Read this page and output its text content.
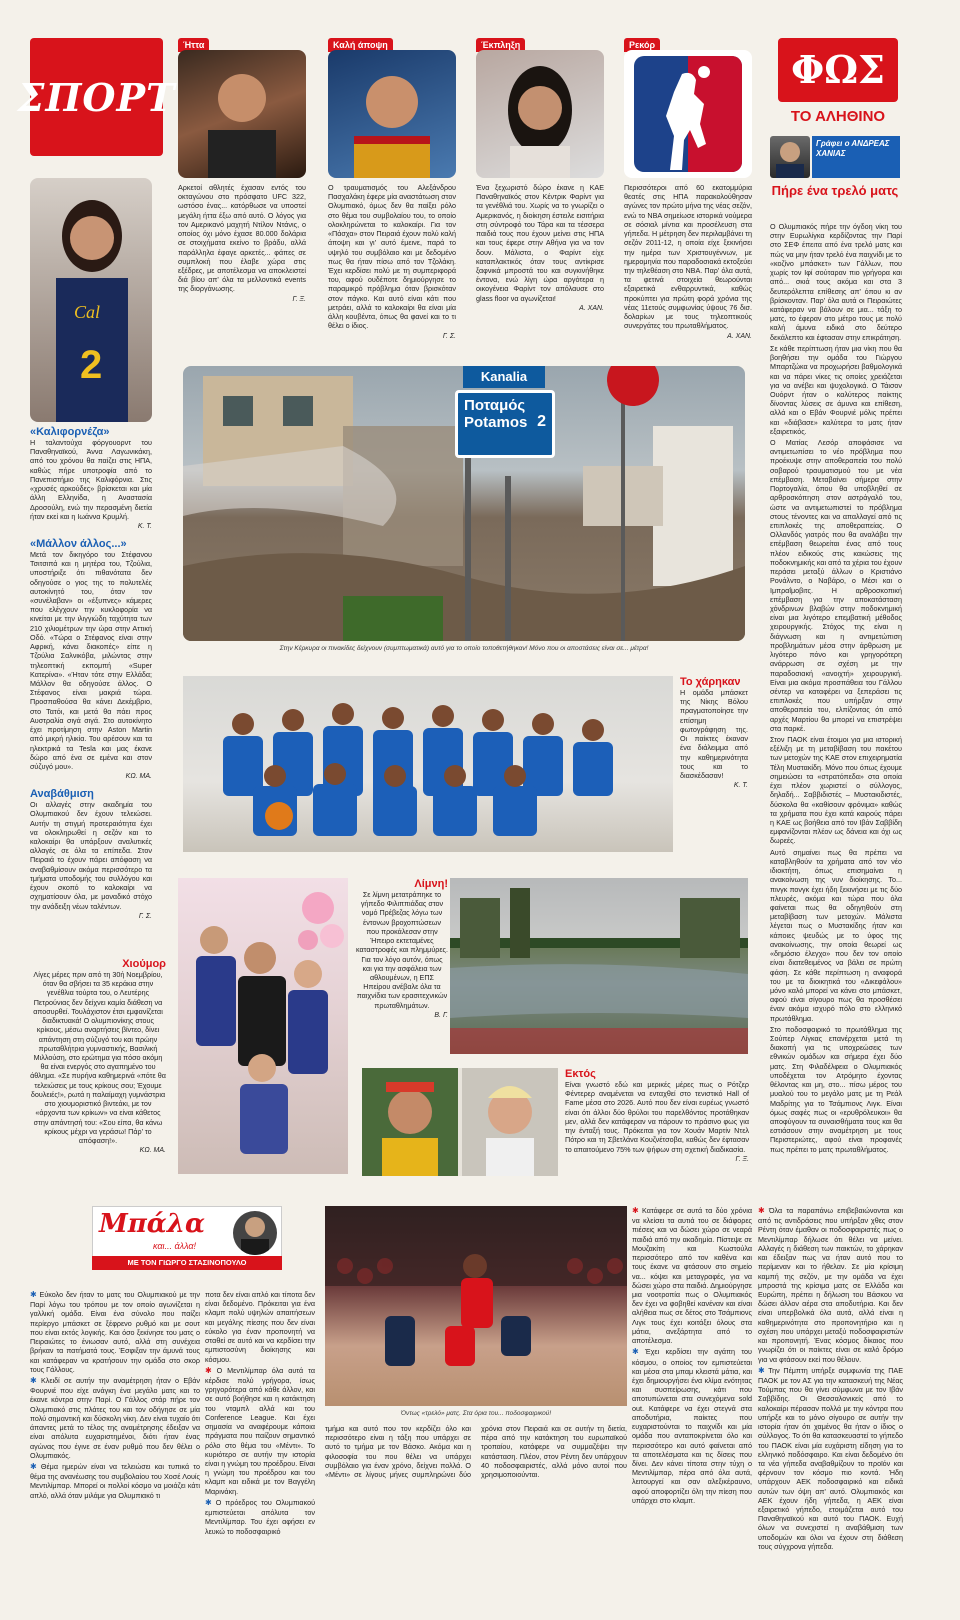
ΣΠΟΡ Τ
Ήττα	Καλή άποψη	Έκπληξη	Ρεκόρ
ΦΩΣ
ΤΟ ΑΛΗΘΙΝΟ
Γράφει ο ΑΝΔΡΕΑΣ ΧΑΝΙΑΣ
Πήρε ένα τρελό ματς

Αρκετοί αθλητές έχασαν εντός του οκταγώνου στο πρόσφατο UFC 322, ωστόσο ένας... κατόρθωσε να υποστεί μεγάλη ήττα έξω από αυτό. Ο λόγος για τον Αμερικανό μαχητή Ντίλον Ντάνις, ο οποίος όχι μόνο έχασε 80.000 δολάρια σε στοιχήματα εκείνο το βράδυ, αλλά παράλληλα έφαγε αρκετές... φάπες σε συμπλοκή που έλαβε χώρα στις εξέδρες, με αποτέλεσμα να αποκλειστεί διά βίου απ' όλα τα μελλοντικά events της διοργάνωσης.

Γ. Ξ.

Ο τραυματισμός του Αλεξάνδρου Πασχαλάκη έφερε μία αναστάτωση στον Ολυμπιακό, όμως δεν θα παίξει ρόλο στο θέμα του συμβολαίου του, το οποίο ολοκληρώνεται το καλοκαίρι. Για τον «Πάσχα» στον Πειραιά έχουν πολύ καλή άποψη και γι' αυτό έμεινε, παρά το υψηλό του συμβόλαιο και με δεδομένο πως θα ήταν πίσω από τον Τζολάκη. Έχει κερδίσει πολύ με τη συμπεριφορά του, αφού ουδέποτε δημιούργησε το παραμικρό πρόβλημα όταν βρισκόταν στον πάγκο. Και αυτό είναι κάτι που μετράει, αλλά το καλοκαίρι θα είναι μία άλλη κουβέντα, όπως θα φανεί και το τι θέλει ο ίδιος.

Γ. Σ.

Ένα ξεχωριστό δώρο έκανε η ΚΑΕ Παναθηναϊκός στον Κέντρικ Φαρίντ για τα γενέθλιά του. Χωρίς να το γνωρίζει ο Αμερικανός, η διοίκηση έστειλε εισιτήρια στη σύντροφό του Τάρα και τα τέσσερα παιδιά τους που έχουν μείνει στις ΗΠΑ και τους έφερε στην Αθήνα για να τον δουν. Μάλιστα, ο Φαρίντ είχε καταπλακτικός όταν τους αντίκρισε ξαφνικά μπροστά του και συγκινήθηκε έντονα, ενώ λίγη ώρα αργότερα η οικογένεια Φαρίντ τον απόλαυσε στο glass floor να αγωνίζεται!

Α. ΧΑΝ.

Περισσότεροι από 60 εκατομμύρια θεατές στις ΗΠΑ παρακολούθησαν αγώνες τον πρώτο μήνα της νέας σεζόν, ενώ το NBA σημείωσε ιστορικά νούμερα σε σόσιαλ μίντια και προσέλευση στα γήπεδα. Η μέτρηση δεν περιλαμβάνει τη σεζόν 2011-12, η οποία είχε ξεκινήσει την ημέρα των Χριστουγέννων, με ημερομηνία που παραδοσιακά εκτοξεύει την τηλεθέαση στο NBA. Παρ' όλα αυτά, τα φετινά στοιχεία θεωρούνται εξαιρετικά ενθαρρυντικά, καθώς προκύπτει για πρώτη φορά χρόνια της νέας 11ετούς συμφωνίας ύψους 76 δισ. δολαρίων με τους τηλεοπτικούς συνεργάτες του πρωταθλήματος.

Α. ΧΑΝ.

Ο Ολυμπιακός πήρε την όγδοη νίκη του στην Ευρωλίγκα κερδίζοντας την Παρί στο ΣΕΦ έπειτα από ένα τρελό ματς και πώς να μην ήταν τρελό ένα παιχνίδι με το «κοζίνο μπάσκετ» των Γάλλων, που χωρίς τον Ιφί σούταραν πιο γρήγορα και από... σκιά τους ακόμα και στα 3 δευτερόλεπτα επίθεσης απ' όπου κι αν βρίσκονταν. Παρ' όλα αυτά οι Πειραιώτες κατάφεραν να βάλουν σε μια... τάξη το ματς, το έφεραν στο μέτρο τους με πολύ καλή άμυνα ειδικά στο δεύτερο δεκάλεπτο και έφτασαν στην επικράτηση.

Σε κάθε περίπτωση ήταν μια νίκη που θα βοηθήσει την ομάδα του Γιώργου Μπαρτζώκα να προχωρήσει βαθμολογικά και να πάρει νίκες τις οποίες χρειάζεται για να ανέβει και ψυχολογικά. Ο Τάισον Ουόρντ ήταν ο καλύτερος παίκτης δίνοντας λύσεις σε άμυνα και επίθεση, αλλά και ο Εβάν Φουρνιέ μόλις πρέπει και «διάβασε» καλύτερα το ματς ήταν εξαιρετικός.

Ο Ματίας Λεσόρ αποφάσισε να αντιμετωπίσει το νέο πρόβλημα που προέκυψε στην αποθεραπεία του πολύ σοβαρού τραυματισμού του με νέα επέμβαση. Μεταβαίνει σήμερα στην Πορτογαλία, όπου θα υποβληθεί σε αρθροσκόπηση στον αστράγαλό του, ώστε να αντιμετωπιστεί το πρόβλημα στους τένοντες και να απαλλαγεί από τις επιπλοκές της αποθεραπείας. Ο Ολλανδός γιατρός που θα αναλάβει την επέμβαση θεωρείται ένας από τους πλέον ειδικούς στις κακώσεις της ποδοκνημικής και από τα χέρια του έχουν περάσει μεταξύ άλλων ο Κριστιάνο Ρονάλντο, ο Ναβάρο, ο Μέσι και ο Ιμπραΐμοβιτς. Η αρθροσκοπική επέμβαση για την αποκατάσταση χόνδρινων βλαβών στην ποδοκνημική είναι μια λιγότερο επεμβατική μέθοδος χειρουργικής. Στόχος της είναι η διάγνωση και η αντιμετώπιση προβλημάτων μέσα στην άρθρωση με λιγότερο πόνο και γρηγορότερη ανάρρωση σε σχέση με την παραδοσιακή «ανοιχτή» χειρουργική. Είναι μια ακόμα προσπάθεια του Γάλλου σέντερ να καταφέρει να ξεπεράσει τις επιπλοκές που υπήρξαν στην αποθεραπεία του, ελπίζοντας ότι από αρχές Μαρτίου θα μπορεί να επιστρέψει στα παρκέ.

Στον ΠΑΟΚ είναι έτοιμοι για μια ιστορική εξέλιξη με τη μεταβίβαση του πακέτου των μετοχών της ΚΑΕ στον επιχειρηματία Τέλη Μυστακίδη. Μόνο που όπως έχουμε σημειώσει τα «στρατόπεδα» στα οποία έχει πλέον χωριστεί ο σύλλογος, δηλαδή... Σαββιδιστές – Μυστακιδιστές, δύσκολα θα «καθίσουν φρόνιμα» καθώς τα χρήματα που έχει κατά καιρούς πάρει η ΚΑΕ ως βοήθεια από τον Ιβάν Σαββίδη εμφανίζονται πλέον ως δάνεια και όχι ως δωρεές.

Αυτό σημαίνει πως θα πρέπει να καταβληθούν τα χρήματα από τον νέο ιδιοκτήτη, όπως επισημαίνει η ανακοίνωση της νυν διοίκησης. Το... πινγκ πονγκ έχει ήδη ξεκινήσει με τις δύο πλευρές, ακόμα και τώρα που όλα φαίνεται πως θα οδηγηθούν στη μεταβίβαση των μετοχών. Μάλιστα λέγεται πως ο Μυστακίδης ήταν και κάποιες ψευδώς με το ύφος της ανακοίνωσης, την οποία θεωρεί ως «δημόσιο έλεγχο» που δεν τον οποίο είναι διατεθειμένος να βάλει σε πρώτη φάση. Σε κάθε περίπτωση η αναφορά του με τα διοικητικά του «Δικεφάλου» μόνο καλό μπορεί να κάνει στο μπάσκετ, αφού είναι σίγουρο πως θα προσθέσει έναν ακόμα ισχυρό πόλο στο ελληνικό πρωτάθλημα.

Στο ποδοσφαιρικό το πρωτάθλημα της Σούπερ Λίγκας επανέρχεται μετά τη διακοπή για τις υποχρεώσεις των εθνικών ομάδων και σήμερα έχει δύο ματς. Στη Φιλαδέλφεια ο Ολυμπιακός υποδέχεται τον Ατρόμητο έχοντας θέλοντας και μη, στο... πίσω μέρος του μυαλού του το μεγάλο ματς με τη Ρεάλ Μαδρίτης για το Τσάμπιονς Λιγκ. Είναι όμως σαφές πως οι «ερυθρόλευκοι» θα αποφύγουν τα συναισθήματα τους και θα εστιάσουν στην αναμέτρηση με τους Περιστεριώτες, αφού είναι προφανές πως πρέπει το ματς πρωταθλήματος.

2
Cal
«Καλιφορνέζα»

Η ταλαντούχα φόργουορντ του Παναθηναϊκού, Άννα Λαγωνικάκη, από του χρόνου θα παίζει στις ΗΠΑ, καθώς πήρε υποτροφία από το Πανεπιστήμιο της Καλιφόρνια. Στις «χρυσές αρκούδες» βρίσκεται και μία άλλη Ελληνίδα, η Αναστασία Δροσούλη, ενώ την περασμένη διετία ήταν εκεί και η Ιωάννα Κρυμλή.

Κ. Τ.
«Μάλλον άλλος...»

Μετά τον δικηγόρο του Στέφανου Τσιτσιπά και η μητέρα του, Τζούλια, υποστήριξε ότι πιθανότατα δεν οδηγούσε ο γιος της το πολυτελές αυτοκίνητό του, όταν τον «συνέλαβαν» οι «έξυπνες» κάμερες που ελέγχουν την κυκλοφορία να κινείται με την ιλιγγιώδη ταχύτητα των 210 χιλιομέτρων την ώρα στην Αττική Οδό. «Τώρα ο Στέφανος είναι στην Αφρική, κάνει διακοπές» είπε η Τζούλια Σαλνικόβα, μιλώντας στην τηλεοπτική εκπομπή «Super Κατερίνα». «Ήταν τότε στην Ελλάδα; Μάλλον θα οδηγούσε άλλος. Ο Στέφανος είναι μακριά τώρα. Προσπαθούσα θα κάνει Δεκέμβριο, στο Τατόι, και μετά θα πάει προς Αυστραλία σιγά σιγά. Στο αυτοκίνητο έχει προτίμηση στην Aston Martin από μικρή ηλικία. Του αρέσουν και τα ηλεκτρικά τα Tesla και μας έκανε δώρο από ένα σε εμένα και στον σύζυγό μου».

ΚΩ. ΜΑ.
Αναβάθμιση

Οι αλλαγές στην ακαδημία του Ολυμπιακού δεν έχουν τελειώσει. Αυτήν τη στιγμή προτεραιότητα έχει να ολοκληρωθεί η σεζόν και το καλοκαίρι θα υπάρξουν αναλυτικές αλλαγές σε όλα τα επίπεδα. Στον Πειραιά το έχουν πάρει απόφαση να αναβαθμίσουν ακόμα περισσότερο τα τμήματα υποδομής του συλλόγου και έχουν σκοπό το καλοκαίρι να σχηματίσουν όλα, με μοναδικό στόχο την ανάδειξη νέων ταλέντων.

Γ. Σ.
Kanalia
Ποταμός
Potamos 2
Στην Κέρκυρα οι πινακίδες δείχνουν (συμπτωματικά) αυτό για το οποίο τοποθετήθηκαν! Μόνο που οι αποστάσεις είναι σε... μέτρα!
Το χάρηκαν

Η ομάδα μπάσκετ της Νίκης Βόλου πραγματοποίησε την επίσημη φωτογράφηση της. Οι παίκτες έκαναν ένα διάλειμμα από την καθημερινότητα τους και το διασκέδασαν!

Κ. Τ.
Χιούμορ

Λίγες μέρες πριν από τη 30ή Νοεμβρίου, όταν θα σβήσει τα 35 κεράκια στην γενέθλια τούρτα του, ο Λευτέρης Πετρούνιας δεν δείχνει καμία διάθεση να αποσυρθεί. Τουλάχιστον έτσι εμφανίζεται διαδικτυακά! Ο ολυμπιονίκης στους κρίκους, μέσω αναρτήσεις βίντεο, δίνει απάντηση στη σύζυγό του και πρώην πρωταθλήτρια γυμναστικής, Βασιλική Μιλλούση, στο ερώτημα για πόσο ακόμη θα είναι ενεργός στο αγαπημένο του άθλημα. «Σε πυρήνα καθημερινά «πότε θα τελειώσεις με τους κρίκους σου; Έχουμε δουλειές!», ρωτά η παλαίμαχη γυμνάστρια στο χιουμοριστικό βιντεάκι, με τον «άρχοντα των κρίκων» να είναι κάθετος στην απάντησή του: «Σου είπα, θα κάνω κρίκους μέχρι να γεράσω! Πάρ' το απόφαση!».

ΚΩ. ΜΑ.
Λίμνη!

Σε λίμνη μετατράπηκε το γήπεδο Φιλιππιάδας στον νομό Πρέβεζας λόγω των έντονων βροχοπτώσεων που προκάλεσαν στην Ήπειρο εκτεταμένες καταστροφές και πλημμύρες. Για τον λόγο αυτόν, όπως και για την ασφάλεια των αθλουμένων, η ΕΠΣ Ηπείρου ανέβαλε όλα τα παιχνίδια των ερασιτεχνικών πρωταθλημάτων.

Β. Γ.
Εκτός

Είναι γνωστό εδώ και μερικές μέρες πως ο Ρότζερ Φέντερερ αναμένεται να ενταχθεί στο τενιστικό Hall of Fame μέσα στο 2026. Αυτό που δεν είναι ευρέως γνωστό είναι ότι άλλοι δύο θρύλοι του παρελθόντος προτάθηκαν μεν, αλλά δεν κατάφεραν να πάρουν το πράσινο φως για την ένταξή τους. Πρόκειται για τον Χουάν Μαρτίν Ντελ Πότρο και τη Σβετλάνα Κουζνέτσοβα, καθώς δεν έφτασαν το απαιτούμενο 75% των ψήφων στη σχετική διαδικασία.

Γ. Ξ.
Μπάλα
και... άλλα!
ΜΕ ΤΟΝ ΓΙΩΡΓΟ ΣΤΑΣΙΝΟΠΟΥΛΟ

✱ Εύκολο δεν ήταν το ματς του Ολυμπιακού με την Παρί λόγω του τρόπου με τον οποίο αγωνίζεται η γαλλική ομάδα. Είναι ένα σύνολο που παίζει περίεργο μπάσκετ σε ξέφρενο ρυθμό και με σουτ που είναι εκτός λογικής. Και όσο ξεκίνησε του ματς ο Πειραιώτες το ένιωσαν αυτό, αλλά στη συνέχεια βρήκαν τα πατήματά τους. Έσφιξαν την άμυνά τους και κατάφεραν να κρατήσουν την ομάδα στο σκορ τους Γάλλους.

✱ Κλειδί σε αυτήν την αναμέτρηση ήταν ο Εβάν Φουρνιέ που είχε ανάγκη ένα μεγάλο ματς και το έκανε κόντρα στην Παρί. Ο Γάλλος στάρ πήρε τον Ολυμπιακό στις πλάτες του και τον οδήγησε σε μία πολύ σημαντική και δύσκολη νίκη. Δεν είναι τυχαίο ότι άπαντες μετά το τέλος της αναμέτρησης έδειξαν να είναι απόλυτα ευχαριστημένοι, διότι ήταν ένας αγώνας που έγινε σε έναν ρυθμό που δεν θέλει ο Ολυμπιακός.

✱ Θέμα ημερών είναι να τελειώσει και τυπικά το θέμα της ανανέωσης του συμβολαίου του Χοσέ Λουίς Μεντιλίμπαρ. Μπορεί οι πολλοί κόσμο να μοιάζει κάτι απλό, αλλά όταν μιλάμε για Ολυμπιακό τι

ποτα δεν είναι απλό και τίποτα δεν είναι δεδομένο. Πρόκειται για ένα κλαμπ πολύ υψηλών απαιτήσεων και μεγάλης πίεσης που δεν είναι εύκολο για έναν προπονητή να σταθεί σε αυτό και να κερδίσει την εμπιστοσύνη διοίκησης και κόσμου.

✱ Ο Μεντιλίμπαρ όλα αυτά τα κέρδισε πολύ γρήγορα, ίσως γρηγορότερα από κάθε άλλον, και σε αυτό βοήθησε και η κατάκτηση του νταμπλ αλλά και του Conference League. Και έχει σημασία να αναφέρουμε κάποια πράγματα που παίζουν σημαντικό ρόλο στο θέμα του «Μέντι». Το κυριότερο σε αυτήν την ιστορία είναι η γνώμη του προέδρου. Είναι η γνώμη του προέδρου και του κλαμπ και ειδικά με τον Βαγγέλη Μαρινάκη.

✱ Ο πρόεδρος του Ολυμπιακού εμπιστεύεται απόλυτα τον Μεντιλίμπαρ. Του έχει αφήσει εν λευκώ το ποδοσφαιρικό

Όντως «τρελό» ματς. Στα όρια του... ποδοσφαιρικού!

τμήμα και αυτό που τον κερδίζει όλο και περισσότερο είναι η τάξη που υπάρχει σε αυτό το τμήμα με τον Βάσκο. Ακόμα και η φιλοσοφία του που θέλει να υπάρχει συμβόλαιο για έναν χρόνο, δείχνει πολλά. Ο «Μέντι» σε λίγους μήνες συμπληρώνει δύο χρόνια στον Πειραιά και σε αυτήν τη διετία, πέρα από την κατάκτηση του ευρωπαϊκού τροπαίου, κατάφερε να συμμαζέψει την κατάσταση. Πλέον, στον Ρέντη δεν υπάρχουν 40 ποδοσφαιριστές, αλλά μόνο αυτοί που χρησιμοποιούνται.

✱ Κατάφερε σε αυτά τα δύο χρόνια να κλείσει τα αυτιά του σε διάφορες πιέσεις και να δώσει χώρο σε νεαρά παιδιά από την ακαδημία. Πίστεψε σε Μουζακίτη και Κωστούλα περισσότερο από τον καθένα και τους έκανε να φτάσουν στο σημείο να... κόψει και μεταγραφές, για να δώσει χώρο στα παιδιά. Δημιούργησε μια νοοτροπία πως ο Ολυμπιακός δεν έχει να φοβηθεί κανέναν και είναι αλήθεια πως σε δέτος στο Τσάμπιονς Λιγκ τους έχει κοιτάξει όλους στα μάτια, ανεξάρτητα από το αποτέλεσμα.

✱ Έχει κερδίσει την αγάπη του κόσμου, ο οποίος τον εμπιστεύεται και μέσα στα μπαμ κλειστά μάτια, και έχει δημιουργήσει ένα κλίμα ενότητας και συσπείρωσης, κάτι που αποτυπώνεται στα συνεχόμενα sold out. Κατάφερε να έχει στεγνά στα αποδυτήρια, παίκτες που ευχαριστούνται το παιχνίδι και μία ομάδα που ανταποκρίνεται όλο και περισσότερο και αυτό φαίνεται από τα αποτελέσματα και τις δίσεις που δίνει. Δεν κάνει τίποτα στην τύχη ο Μεντιλίμπαρ, πέρα από όλα αυτά, λειτουργεί και σαν αλεξικέραυνο, αφού αποφορτίζει όλη την πίεση που υπάρχει στο κλαμπ.

✱ Όλα τα παραπάνω επιβεβαιώνονται και από τις αντιδράσεις που υπήρξαν χθες στον Ρέντη όταν έμαθαν οι ποδοσφαιριστές πως ο Μεντιλίμπαρ δήλωσε ότι θέλει να μείνει. Αλλαγές η διάθεση των παικτών, το χάρηκαν και έδειξαν πως να ήταν αυτό που το περίμεναν και το ήθελαν. Σε μία κρίσιμη καμπή της σεζόν, με την ομάδα να έχει μπροστά της κρίσιμα ματς σε Ελλάδα και Ευρώπη, πρέπει η δήλωση του Βάσκου να δώσει άλλον αέρα στα αποδυτήρια. Και δεν είναι υπερβολικά όλα αυτά, αλλά είναι η καθημερινότητα στο προπονητήριο και η σχέση που υπάρχει μεταξύ ποδοσφαιριστών και προπονητή. Ένας κόσμος δίκαιος που γνωρίζει ότι οι παίκτες είναι σε καλό δρόμο για να φτάσουν εκεί που θέλουν.

✱ Την Πέμπτη υπήρξε συμφωνία της ΠΑΕ ΠΑΟΚ με τον ΑΣ για την κατασκευή της Νέας Τούμπας που θα γίνει σύμφωνα με τον Ιβάν Σαββίδης. Οι Θεσσαλονικείς από το καλοκαίρι πέρασαν πολλά με την κόντρα που υπήρξε και το μόνο σίγουρο σε αυτήν την ιστορία ήταν ότι χαμένος θα ήταν ο ίδιος ο σύλλογος. Το ότι θα κατασκευαστεί το γήπεδο του ΠΑΟΚ είναι μία ευχάριστη είδηση για το ελληνικό ποδόσφαιρο. Και είναι δεδομένο ότι τα νέα γήπεδα αναβαθμίζουν το προϊόν και φέρνουν τον κόσμο πιο κοντά. Ήδη υπάρχουν ΑΕΚ ποδοσφαιρικό και ειδικά αυτών των όψη απ' αυτό. Ολυμπιακός και ΑΕΚ έχουν ήδη γήπεδα, η ΑΕΚ είναι εξαιρετικό γήπεδο, ετοιμάζεται αυτό του Παναθηναϊκού και αυτό του ΠΑΟΚ. Ευχή όλων να συνεχιστεί η αναβάθμιση των υποδομών και όλοι να έχουν στη διάθεση τους σύγχρονα γήπεδα.
